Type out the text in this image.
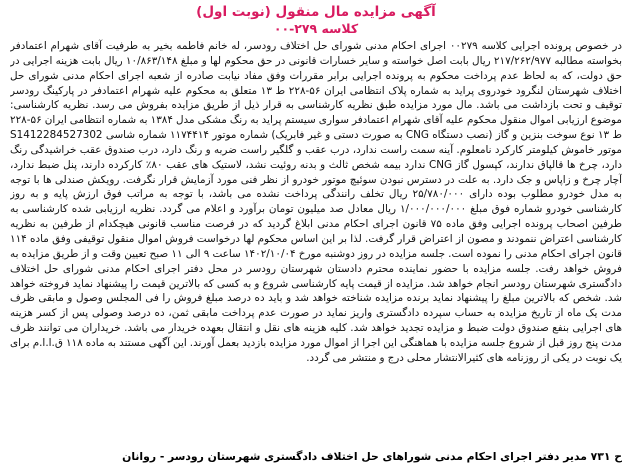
آگهی مزایده مال منقول (نوبت اول)
کلاسه ۲۷۹-۰۰

در خصوص پرونده اجرایی کلاسه ۰۰۲۷۹ اجرای احکام مدنی شورای حل اختلاف رودسر، له خانم فاطمه بخیر به طرفیت آقای شهرام اعتمادفر بخواسته مطالبه ۲۱۷/۲۶۲/۹۷۷ ریال بابت اصل خواسته و سایر خسارات قانونی در حق محکوم لها و مبلغ ۱۰/۸۶۳/۱۴۸ ریال بابت هزینه اجرایی در حق دولت، که به لحاظ عدم پرداخت محکوم به پرونده اجرایی برابر مقررات وفق مفاد نیابت صادره از شعبه اجرای احکام مدنی شورای حل اختلاف شهرستان لنگرود خودروی پراید به شماره پلاک انتظامی ایران ۵۶-۲۲۸ ط ۱۳ متعلق به محکوم علیه شهرام اعتمادفر در پارکینگ رودسر توقیف و تحت بازداشت می باشد. مال مورد مزایده طبق نظریه کارشناسی به قرار ذیل از طریق مزایده بفروش می رسد. نظریه کارشناسی: موضوع ارزیابی اموال منقول محکوم علیه آقای شهرام اعتمادفر سواری سیستم پراید به رنگ مشکی مدل ۱۳۸۴ به شماره انتظامی ایران ۵۶-۲۲۸ ط ۱۳ نوع سوخت بنزین و گاز (نصب دستگاه CNG به صورت دستی و غیر فابریک) شماره موتور ۱۱۷۴۴۱۴ شماره شاسی S1412284527302 موتور خاموش کیلومتر کارکرد نامعلوم. آینه سمت راست ندارد، درب عقب و گلگیر راست ضربه و رنگ دارد، درب صندوق عقب خراشیدگی رنگ دارد، چرخ ها قالپاق ندارند، کپسول گاز CNG ندارد بیمه شخص ثالث و بدنه روئیت نشد، لاستیک های عقب ۸۰٪ کارکرده دارند، پنل ضبط ندارد، آچار چرخ و زاپاس و جک دارد. به علت در دسترس نبودن سوئیچ موتور خودرو از نظر فنی مورد آزمایش قرار نگرفت. رویکش صندلی ها با توجه به مدل خودرو مطلوب بوده دارای ۲۵/۷۸۰/۰۰۰ ریال تخلف رانندگی پرداخت نشده می باشد، با توجه به مراتب فوق ارزش پایه و به روز کارشناسی خودرو شماره فوق مبلغ ۱/۰۰۰/۰۰۰/۰۰۰ ریال معادل صد میلیون تومان برآورد و اعلام می گردد. نظریه ارزیابی شده کارشناسی به طرفین اصحاب پرونده اجرایی وفق ماده ۷۵ قانون اجرای احکام مدنی ابلاغ گردید که در فرصت مناسب قانونی هیچکدام از طرفین به نظریه کارشناسی اعتراض ننمودند و مصون از اعتراض قرار گرفت. لذا بر این اساس محکوم لها درخواست فروش اموال منقول توقیفی وفق ماده ۱۱۴ قانون اجرای احکام مدنی را نموده است. جلسه مزایده در روز دوشنبه مورخ ۱۴۰۲/۱۰/۰۴ ساعت ۹ الی ۱۱ صبح تعیین وقت و از طریق مزایده به فروش خواهد رفت. جلسه مزایده با حضور نماینده محترم دادستان شهرستان رودسر در محل دفتر اجرای احکام مدنی شورای حل اختلاف دادگستری شهرستان رودسر انجام خواهد شد. مزایده از قیمت پایه کارشناسی شروع و به کسی که بالاترین قیمت را پیشنهاد نماید فروخته خواهد شد. شخص که بالاترین مبلغ را پیشنهاد نماید برنده مزایده شناخته خواهد شد و باید ده درصد مبلغ فروش را فی المجلس وصول و مابقی ظرف مدت یک ماه از تاریخ مزایده به حساب سپرده دادگستری واریز نماید در صورت عدم پرداخت مابقی ثمن، ده درصد وصولی پس از کسر هزینه های اجرایی بنفع صندوق دولت ضبط و مزایده تجدید خواهد شد. کلیه هزینه های نقل و انتقال بعهده خریدار می باشد. خریداران می توانند ظرف مدت پنج روز قبل از شروع جلسه مزایده با هماهنگی این اجرا از اموال مورد مزایده بازدید بعمل آورند. این آگهی مستند به ماده ۱۱۸ ق.ا.ا.م برای یک نوبت در یکی از روزنامه های کثیرالانتشار محلی درج و منتشر می گردد.

ح ۷۳۱ مدیر دفتر اجرای احکام مدنی شوراهای حل اختلاف دادگستری شهرستان رودسر - روانان
